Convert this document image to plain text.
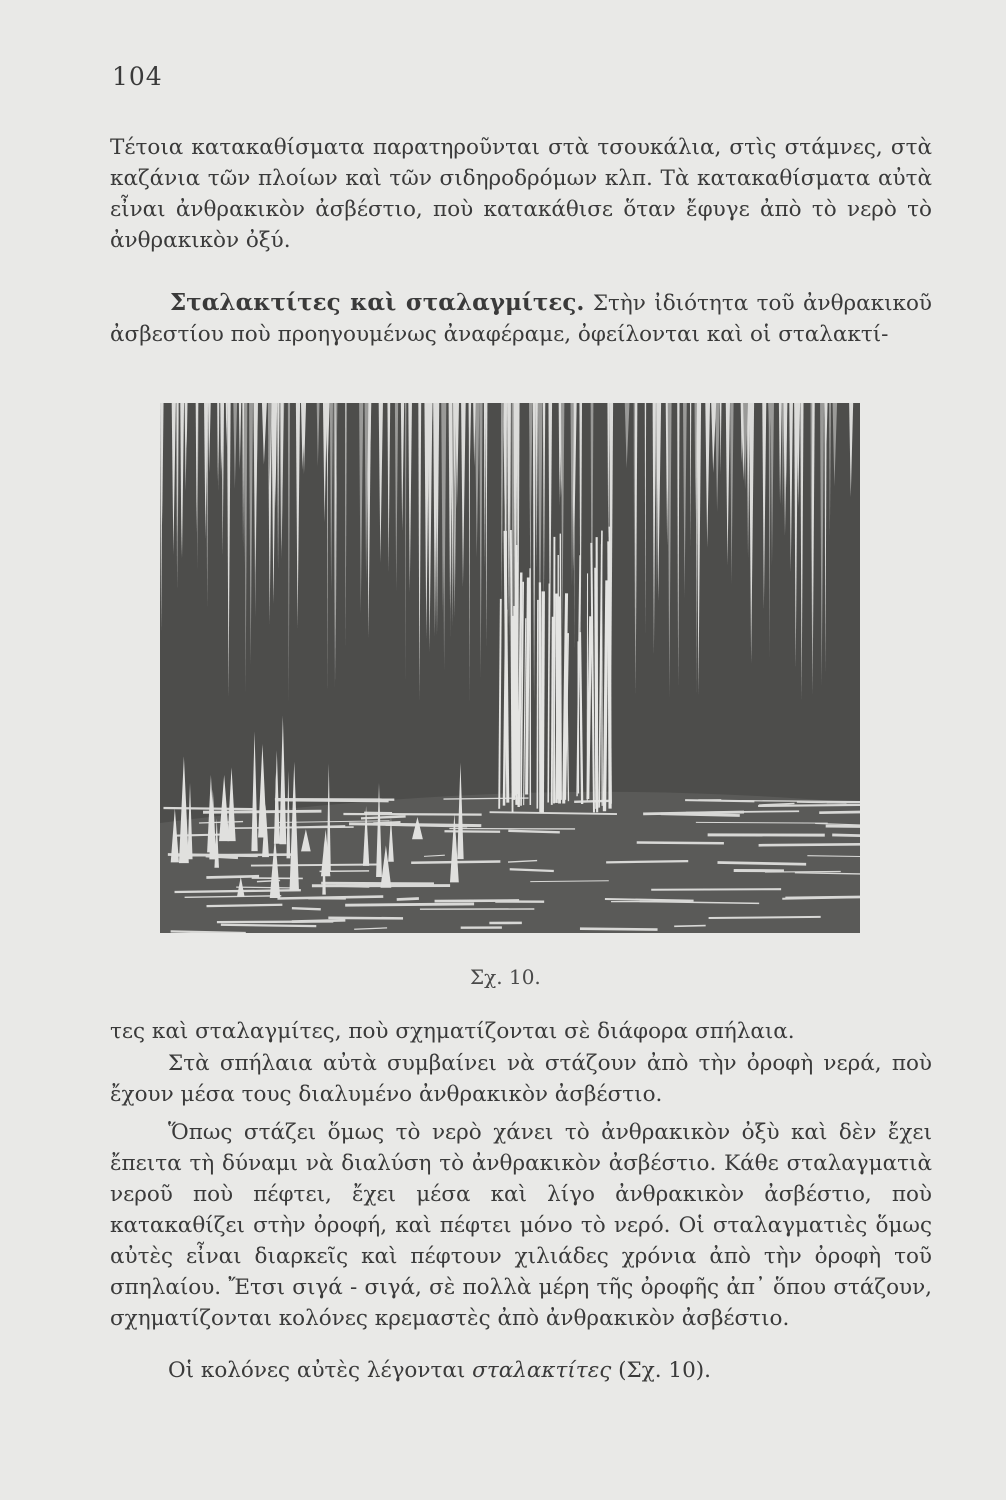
104

Τέτοια κατακαθίσματα παρατηροῦνται στὰ τσουκάλια, στὶς στάμνες, στὰ καζάνια τῶν πλοίων καὶ τῶν σιδηροδρόμων κλπ. Τὰ κατακαθίσματα αὐτὰ εἶναι ἀνθρακικὸν ἀσβέστιο, ποὺ κατακάθισε ὅταν ἔφυγε ἀπὸ τὸ νερὸ τὸ ἀνθρακικὸν ὀξύ.

Σταλακτίτες καὶ σταλαγμίτες. Στὴν ἰδιότητα τοῦ ἀνθρακικοῦ ἀσβεστίου ποὺ προηγουμένως ἀναφέραμε, ὀφείλονται καὶ οἱ σταλακτί-

Σχ. 10.

τες καὶ σταλαγμίτες, ποὺ σχηματίζονται σὲ διάφορα σπήλαια.

Στὰ σπήλαια αὐτὰ συμβαίνει νὰ στάζουν ἀπὸ τὴν ὀροφὴ νερά, ποὺ ἔχουν μέσα τους διαλυμένο ἀνθρακικὸν ἀσβέστιο.

Ὅπως στάζει ὅμως τὸ νερὸ χάνει τὸ ἀνθρακικὸν ὀξὺ καὶ δὲν ἔχει ἔπειτα τὴ δύναμι νὰ διαλύση τὸ ἀνθρακικὸν ἀσβέστιο. Κάθε σταλαγματιὰ νεροῦ ποὺ πέφτει, ἔχει μέσα καὶ λίγο ἀνθρακικὸν ἀσβέστιο, ποὺ κατακαθίζει στὴν ὀροφή, καὶ πέφτει μόνο τὸ νερό. Οἱ σταλαγματιὲς ὅμως αὐτὲς εἶναι διαρκεῖς καὶ πέφτουν χιλιάδες χρόνια ἀπὸ τὴν ὀροφὴ τοῦ σπηλαίου. Ἔτσι σιγά - σιγά, σὲ πολλὰ μέρη τῆς ὀροφῆς ἀπ᾽ ὅπου στάζουν, σχηματίζονται κολόνες κρεμαστὲς ἀπὸ ἀνθρακικὸν ἀσβέστιο.

Οἱ κολόνες αὐτὲς λέγονται σταλακτίτες (Σχ. 10).
